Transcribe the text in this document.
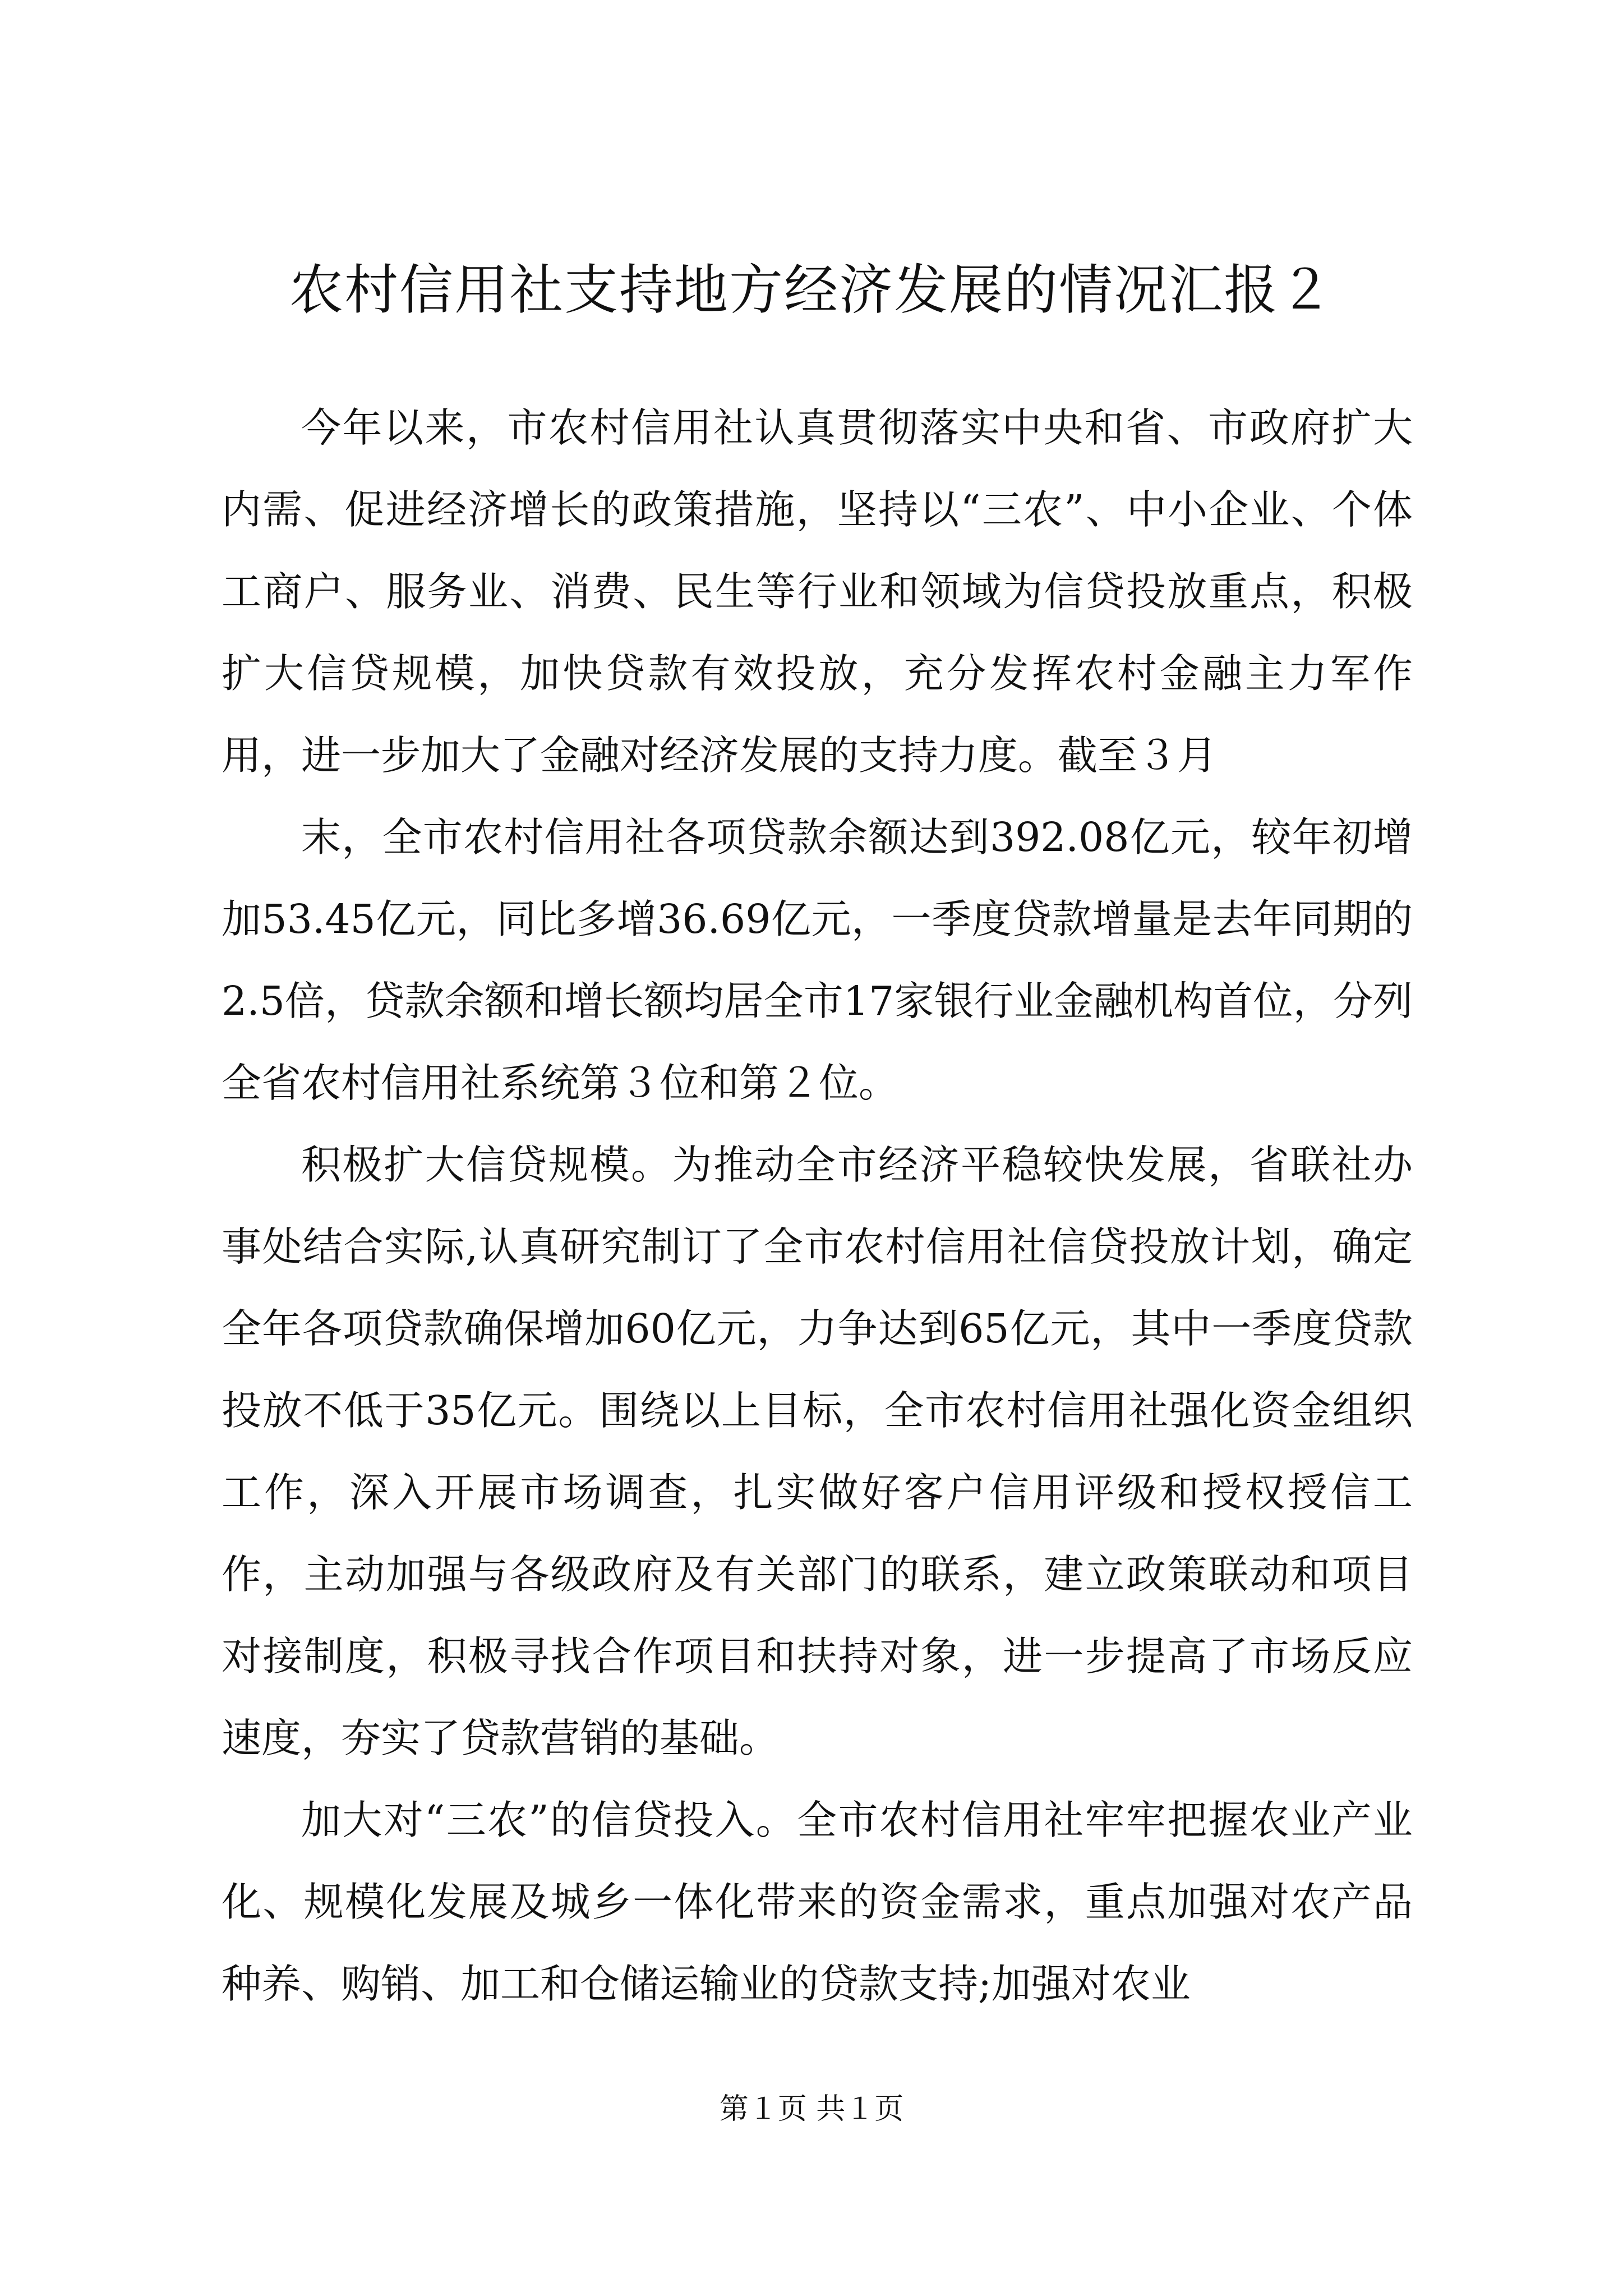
农村信用社支持地方经济发展的情况汇报２

今年以来，市农村信用社认真贯彻落实中央和省、市政府扩大内需、促进经济增长的政策措施，坚持以“三农”、中小企业、个体工商户、服务业、消费、民生等行业和领域为信贷投放重点，积极扩大信贷规模，加快贷款有效投放，充分发挥农村金融主力军作用，进一步加大了金融对经济发展的支持力度。截至３月

末，全市农村信用社各项贷款余额达到392.08亿元，较年初增加53.45亿元，同比多增36.69亿元，一季度贷款增量是去年同期的2.5倍，贷款余额和增长额均居全市17家银行业金融机构首位，分列全省农村信用社系统第３位和第２位。

积极扩大信贷规模。为推动全市经济平稳较快发展，省联社办事处结合实际,认真研究制订了全市农村信用社信贷投放计划，确定全年各项贷款确保增加60亿元，力争达到65亿元，其中一季度贷款投放不低于35亿元。围绕以上目标，全市农村信用社强化资金组织工作，深入开展市场调查，扎实做好客户信用评级和授权授信工作，主动加强与各级政府及有关部门的联系，建立政策联动和项目对接制度，积极寻找合作项目和扶持对象，进一步提高了市场反应速度，夯实了贷款营销的基础。

加大对“三农”的信贷投入。全市农村信用社牢牢把握农业产业化、规模化发展及城乡一体化带来的资金需求，重点加强对农产品种养、购销、加工和仓储运输业的贷款支持;加强对农业

第１页 共１页
